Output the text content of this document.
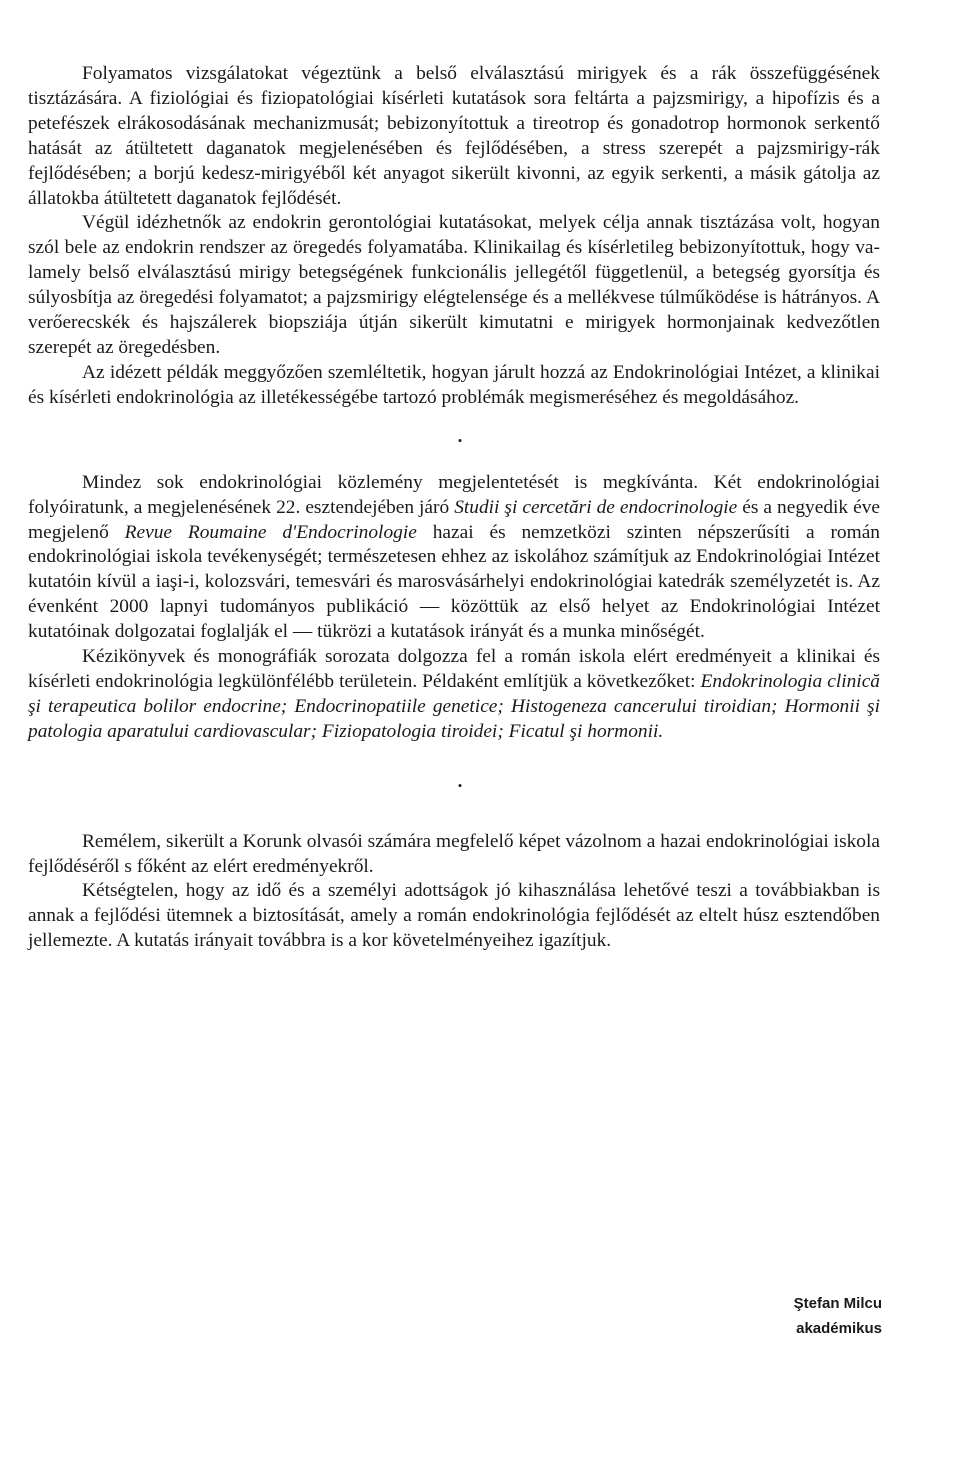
Folyamatos vizsgálatokat végeztünk a belső elválasztású mirigyek és a rák összefüggésének tisztázására. A fiziológiai és fiziopatológiai kísérleti kutatások sora feltárta a pajzsmirigy, a hipofízis és a petefészek elrákosodásának mechanizmusát; bebizonyítottuk a tireotrop és gonadotrop hormonok serkentő hatását az átültetett daganatok megjelenésében és fejlődésében, a stress szerepét a pajzsmirigy-rák fejlődésében; a borjú kedesz-mirigyéből két anyagot sikerült kivonni, az egyik serkenti, a másik gátolja az állatokba átültetett daganatok fejlődését.

Végül idézhetnők az endokrin gerontológiai kutatásokat, melyek célja annak tisztázása volt, hogyan szól bele az endokrin rendszer az öregedés folyamatába. Klinikailag és kísérletileg bebizonyítottuk, hogy valamely belső elválasztású mirigy betegségének funkcionális jellegétől függetlenül, a betegség gyorsítja és súlyosbítja az öregedési folyamatot; a pajzsmirigy elégtelensége és a mellékvese túlműködése is hátrányos. A verőerecskék és hajszálerek biopsziája útján sikerült kimutatni e mirigyek hormonjainak kedvezőtlen szerepét az öregedésben.

Az idézett példák meggyőzően szemléltetik, hogyan járult hozzá az Endokrinológiai Intézet, a klinikai és kísérleti endokrinológia az illetékességébe tartozó problémák megismeréséhez és megoldásához.

•

Mindez sok endokrinológiai közlemény megjelentetését is megkívánta. Két endokrinológiai folyóiratunk, a megjelenésének 22. esztendejében járó Studii şi cercetări de endocrinologie és a negyedik éve megjelenő Revue Roumaine d'Endocrinologie hazai és nemzetközi szinten népszerűsíti a román endokrinológiai iskola tevékenységét; természetesen ehhez az iskolához számítjuk az Endokrinológiai Intézet kutatóin kívül a iaşi-i, kolozsvári, temesvári és marosvásárhelyi endokrinológiai katedrák személyzetét is. Az évenként 2000 lapnyi tudományos publikáció — közöttük az első helyet az Endokrinológiai Intézet kutatóinak dolgozatai foglalják el — tükrözi a kutatások irányát és a munka minőségét.

Kézikönyvek és monográfiák sorozata dolgozza fel a román iskola elért eredményeit a klinikai és kísérleti endokrinológia legkülönfélébb területein. Példaként említjük a következőket: Endokrinologia clinică şi terapeutica bolilor endocrine; Endocrinopatiile genetice; Histogeneza cancerului tiroidian; Hormonii şi patologia aparatului cardiovascular; Fiziopatologia tiroidei; Ficatul şi hormonii.

•

Remélem, sikerült a Korunk olvasói számára megfelelő képet vázolnom a hazai endokrinológiai iskola fejlődéséről s főként az elért eredményekről.

Kétségtelen, hogy az idő és a személyi adottságok jó kihasználása lehetővé teszi a továbbiakban is annak a fejlődési ütemnek a biztosítását, amely a román endokrinológia fejlődését az eltelt húsz esztendőben jellemezte. A kutatás irányait továbbra is a kor követelményeihez igazítjuk.

Ştefan Milcu
akadémikus
